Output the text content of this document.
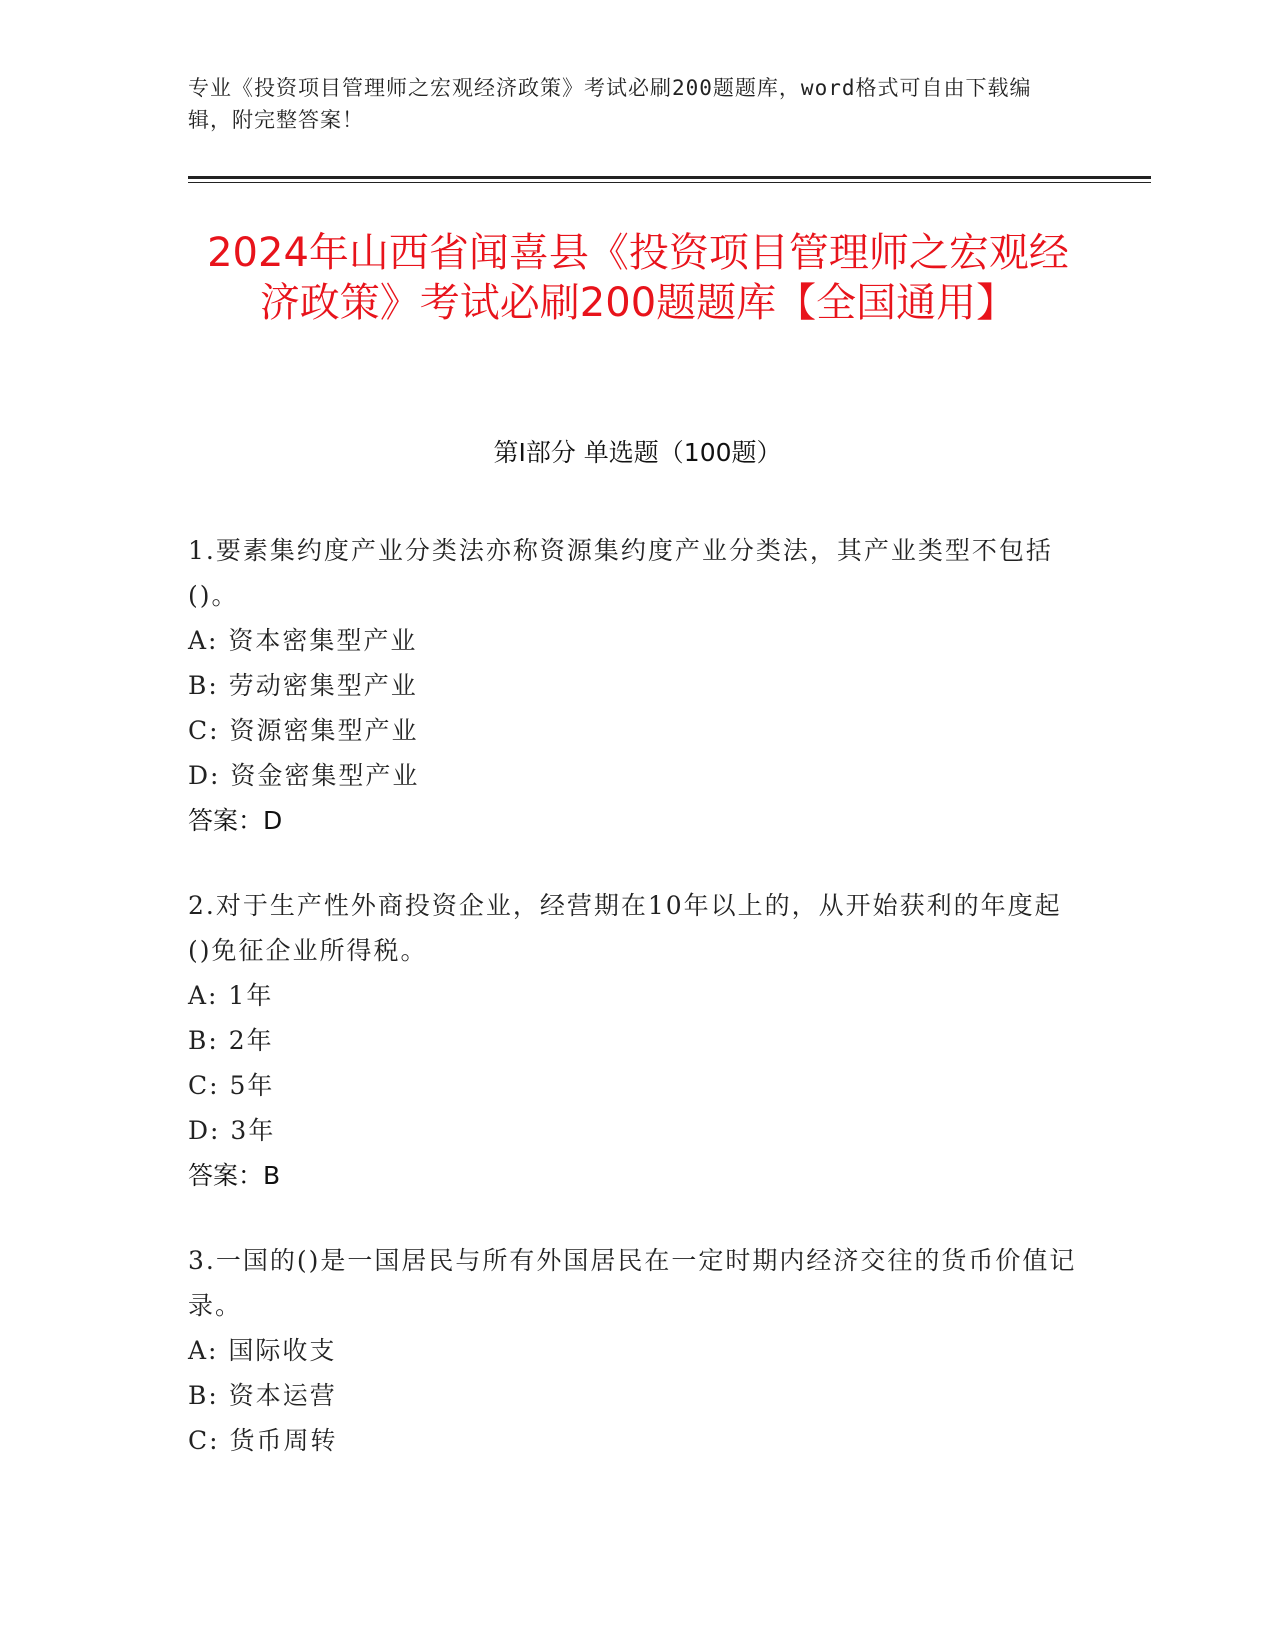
专业《投资项目管理师之宏观经济政策》考试必刷200题题库，word格式可自由下载编辑，附完整答案！
2024年山西省闻喜县《投资项目管理师之宏观经济政策》考试必刷200题题库【全国通用】
第Ⅰ部分 单选题（100题）
1.要素集约度产业分类法亦称资源集约度产业分类法，其产业类型不包括()。
A: 资本密集型产业
B: 劳动密集型产业
C: 资源密集型产业
D: 资金密集型产业
答案：D
2.对于生产性外商投资企业，经营期在10年以上的，从开始获利的年度起()免征企业所得税。
A: 1年
B: 2年
C: 5年
D: 3年
答案：B
3.一国的()是一国居民与所有外国居民在一定时期内经济交往的货币价值记录。
A: 国际收支
B: 资本运营
C: 货币周转
